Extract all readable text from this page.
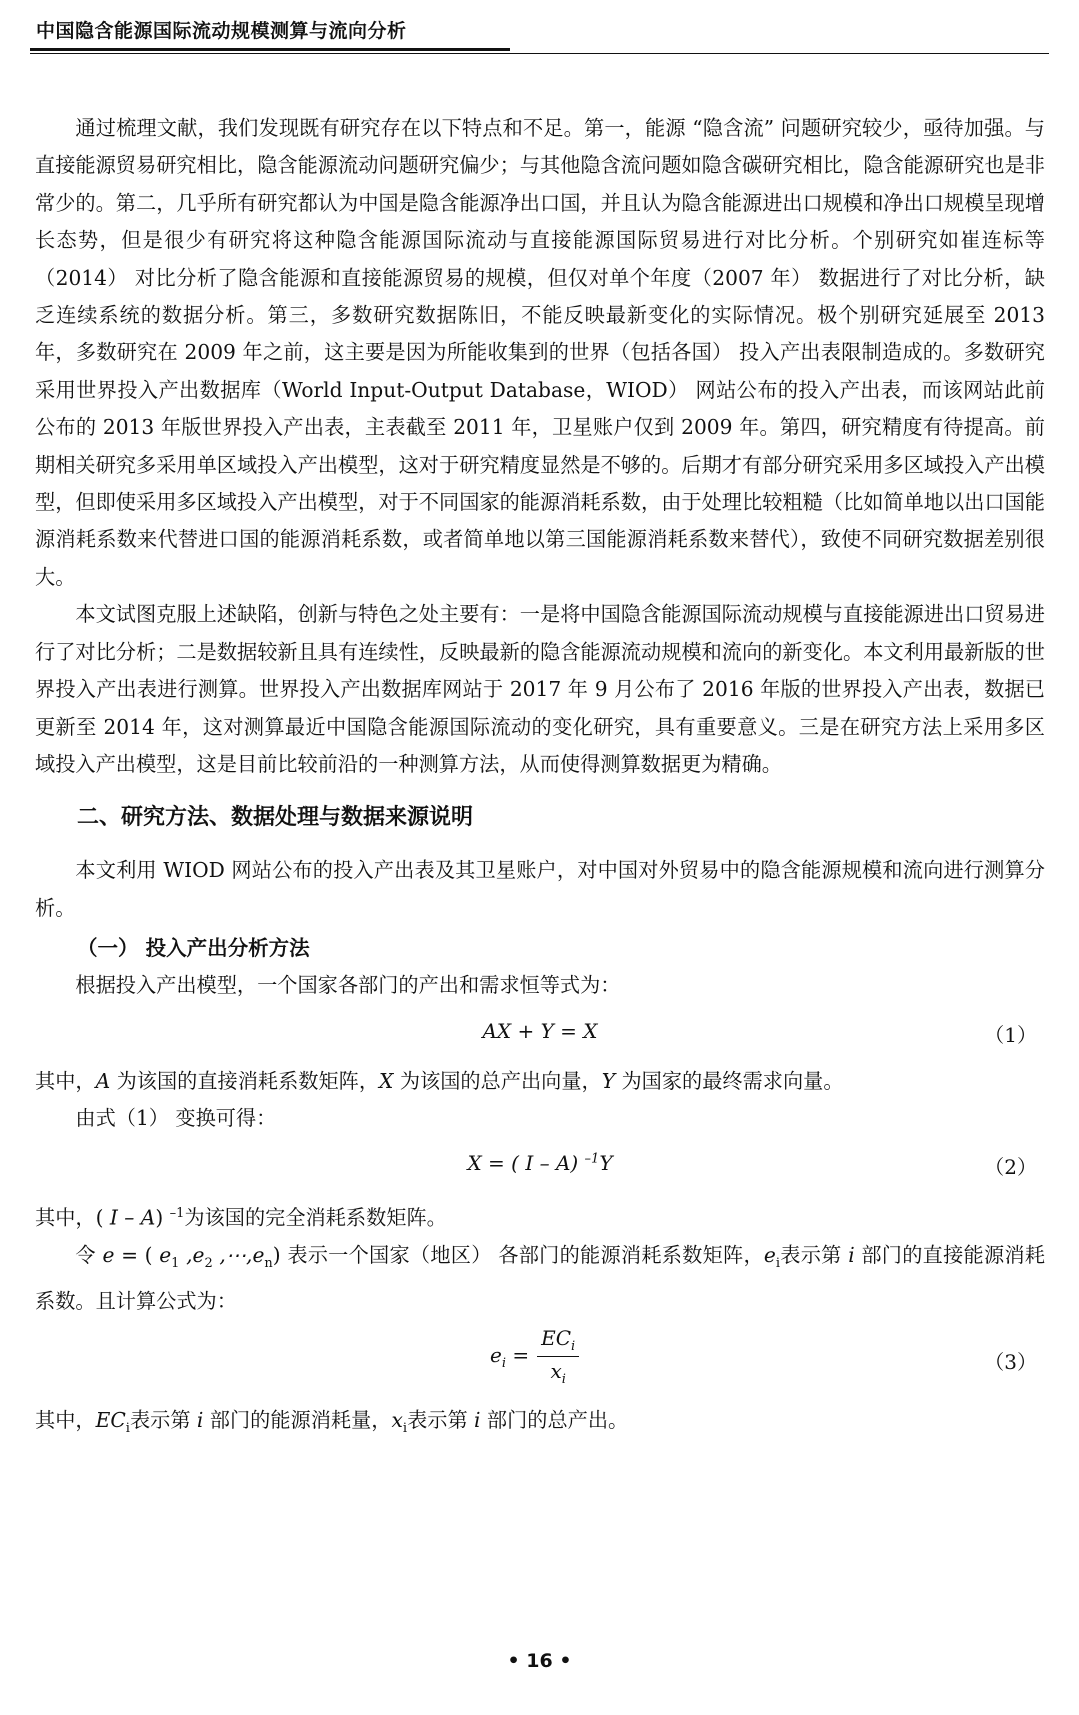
中国隐含能源国际流动规模测算与流向分析

通过梳理文献，我们发现既有研究存在以下特点和不足。第一，能源 “隐含流” 问题研究较少，亟待加强。与直接能源贸易研究相比，隐含能源流动问题研究偏少；与其他隐含流问题如隐含碳研究相比，隐含能源研究也是非常少的。第二，几乎所有研究都认为中国是隐含能源净出口国，并且认为隐含能源进出口规模和净出口规模呈现增长态势，但是很少有研究将这种隐含能源国际流动与直接能源国际贸易进行对比分析。个别研究如崔连标等（2014） 对比分析了隐含能源和直接能源贸易的规模，但仅对单个年度（2007 年） 数据进行了对比分析，缺乏连续系统的数据分析。第三，多数研究数据陈旧，不能反映最新变化的实际情况。极个别研究延展至 2013 年，多数研究在 2009 年之前，这主要是因为所能收集到的世界（包括各国） 投入产出表限制造成的。多数研究采用世界投入产出数据库（World Input-Output Database，WIOD） 网站公布的投入产出表，而该网站此前公布的 2013 年版世界投入产出表，主表截至 2011 年，卫星账户仅到 2009 年。第四，研究精度有待提高。前期相关研究多采用单区域投入产出模型，这对于研究精度显然是不够的。后期才有部分研究采用多区域投入产出模型，但即使采用多区域投入产出模型，对于不同国家的能源消耗系数，由于处理比较粗糙（比如简单地以出口国能源消耗系数来代替进口国的能源消耗系数，或者简单地以第三国能源消耗系数来替代），致使不同研究数据差别很大。

本文试图克服上述缺陷，创新与特色之处主要有：一是将中国隐含能源国际流动规模与直接能源进出口贸易进行了对比分析；二是数据较新且具有连续性，反映最新的隐含能源流动规模和流向的新变化。本文利用最新版的世界投入产出表进行测算。世界投入产出数据库网站于 2017 年 9 月公布了 2016 年版的世界投入产出表，数据已更新至 2014 年，这对测算最近中国隐含能源国际流动的变化研究，具有重要意义。三是在研究方法上采用多区域投入产出模型，这是目前比较前沿的一种测算方法，从而使得测算数据更为精确。

二、研究方法、数据处理与数据来源说明

本文利用 WIOD 网站公布的投入产出表及其卫星账户，对中国对外贸易中的隐含能源规模和流向进行测算分析。

（一） 投入产出分析方法

根据投入产出模型，一个国家各部门的产出和需求恒等式为：

AX + Y = X	（1）

其中，A 为该国的直接消耗系数矩阵，X 为该国的总产出向量，Y 为国家的最终需求向量。

由式（1） 变换可得：

X = ( I – A) $^{-1}$Y	（2）

其中，( I – A) $^{-1}$为该国的完全消耗系数矩阵。

令 e = ( $e_1$ $,e_2$ $,\cdots,e_n$) 表示一个国家（地区） 各部门的能源消耗系数矩阵，$e_i$表示第 i 部门的直接能源消耗系数。且计算公式为：

$e_i = \frac{EC_i}{x_i}$	（3）

其中，$EC_i$表示第 i 部门的能源消耗量，$x_i$表示第 i 部门的总产出。

• 16 •
